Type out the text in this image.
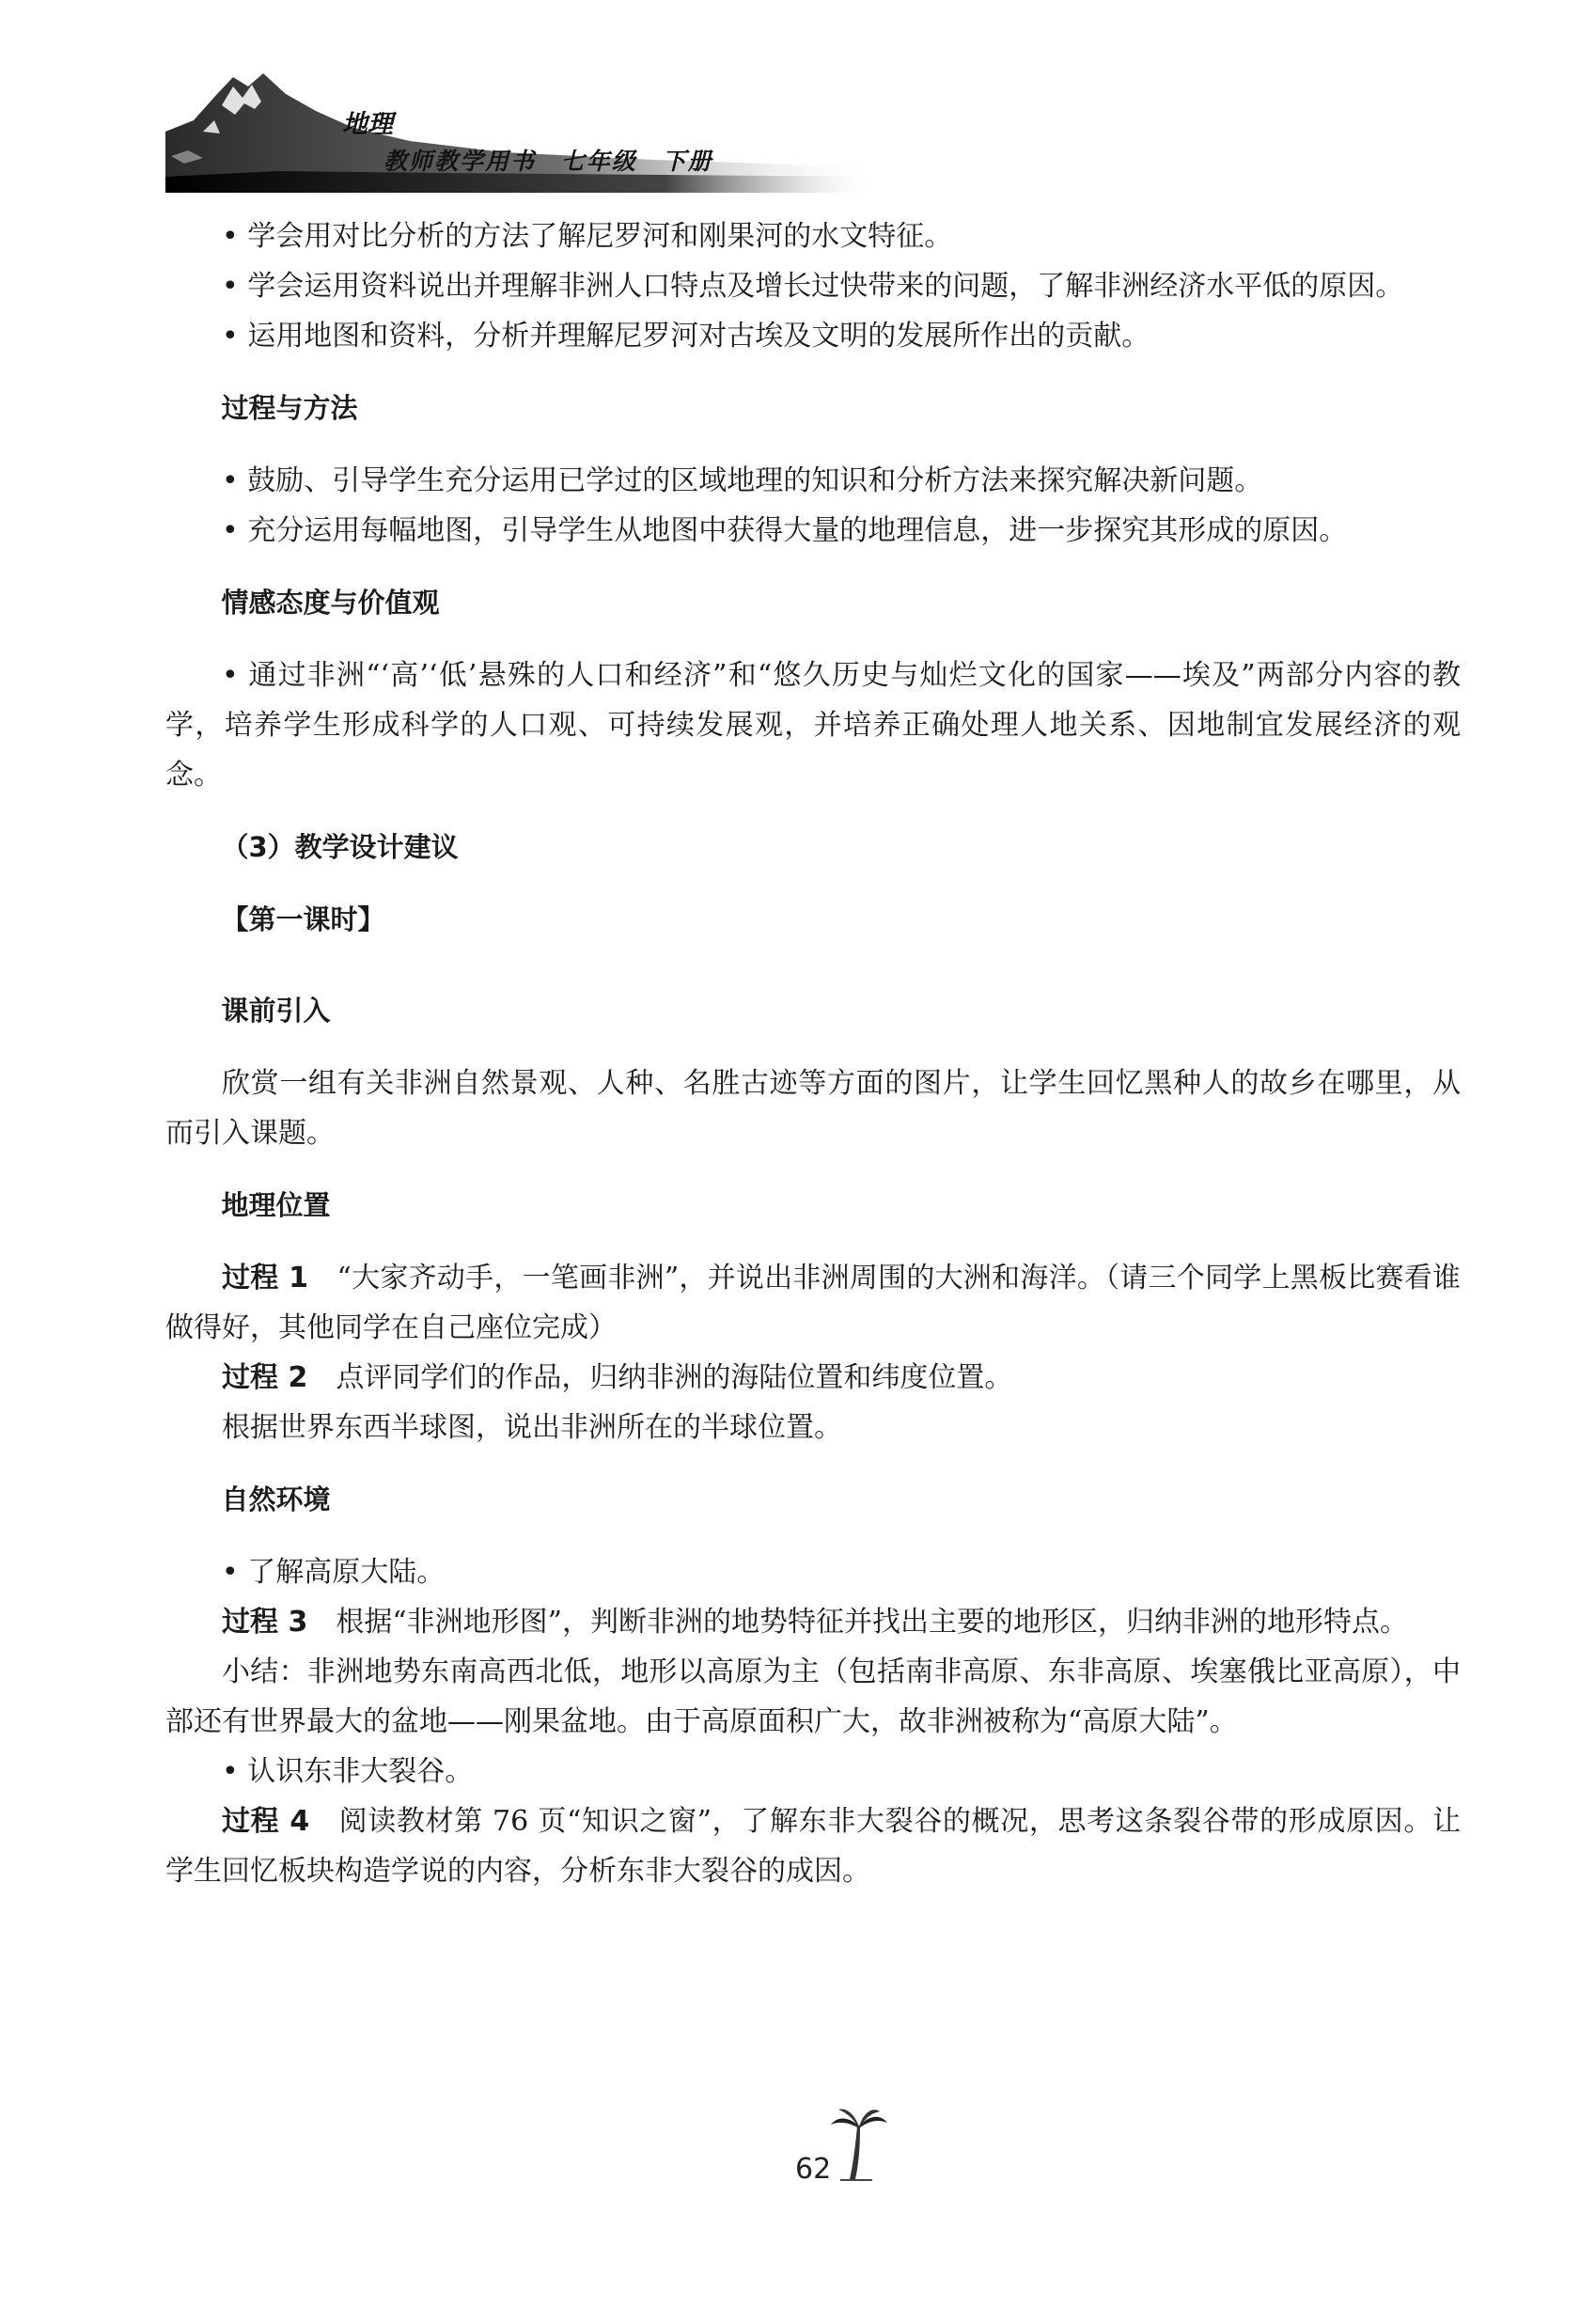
地理
教师教学用书 七年级 下册

• 学会用对比分析的方法了解尼罗河和刚果河的水文特征。

• 学会运用资料说出并理解非洲人口特点及增长过快带来的问题，了解非洲经济水平低的原因。

• 运用地图和资料，分析并理解尼罗河对古埃及文明的发展所作出的贡献。

过程与方法

• 鼓励、引导学生充分运用已学过的区域地理的知识和分析方法来探究解决新问题。

• 充分运用每幅地图，引导学生从地图中获得大量的地理信息，进一步探究其形成的原因。

情感态度与价值观

• 通过非洲“‘高’‘低’悬殊的人口和经济”和“悠久历史与灿烂文化的国家——埃及”两部分内容的教学，培养学生形成科学的人口观、可持续发展观，并培养正确处理人地关系、因地制宜发展经济的观念。

（3）教学设计建议
【第一课时】
课前引入

欣赏一组有关非洲自然景观、人种、名胜古迹等方面的图片，让学生回忆黑种人的故乡在哪里，从而引入课题。

地理位置

过程 1　“大家齐动手，一笔画非洲”，并说出非洲周围的大洲和海洋。（请三个同学上黑板比赛看谁做得好，其他同学在自己座位完成）

过程 2　点评同学们的作品，归纳非洲的海陆位置和纬度位置。

根据世界东西半球图，说出非洲所在的半球位置。

自然环境

• 了解高原大陆。

过程 3　根据“非洲地形图”，判断非洲的地势特征并找出主要的地形区，归纳非洲的地形特点。

小结：非洲地势东南高西北低，地形以高原为主（包括南非高原、东非高原、埃塞俄比亚高原），中部还有世界最大的盆地——刚果盆地。由于高原面积广大，故非洲被称为“高原大陆”。

• 认识东非大裂谷。

过程 4　阅读教材第 76 页“知识之窗”，了解东非大裂谷的概况，思考这条裂谷带的形成原因。让学生回忆板块构造学说的内容，分析东非大裂谷的成因。

62
